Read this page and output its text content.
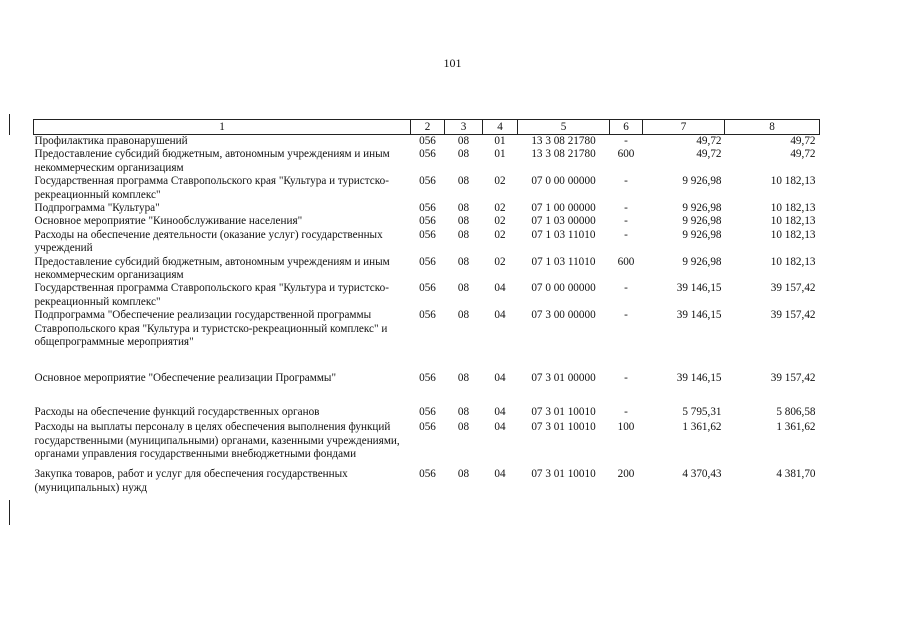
101
1	2	3	4	5	6	7	8
Профилактика правонарушений	056	08	01	13 3 08 21780	-	49,72	49,72
Предоставление субсидий бюджетным, автономным учреждениям и иным некоммерческим организациям	056	08	01	13 3 08 21780	600	49,72	49,72
Государственная программа Ставропольского края "Культура и туристско-рекреационный комплекс"	056	08	02	07 0 00 00000	-	9 926,98	10 182,13
Подпрограмма "Культура"	056	08	02	07 1 00 00000	-	9 926,98	10 182,13
Основное мероприятие "Кинообслуживание населения"	056	08	02	07 1 03 00000	-	9 926,98	10 182,13
Расходы на обеспечение деятельности (оказание услуг) государственных учреждений	056	08	02	07 1 03 11010	-	9 926,98	10 182,13
Предоставление субсидий бюджетным, автономным учреждениям и иным некоммерческим организациям	056	08	02	07 1 03 11010	600	9 926,98	10 182,13
Государственная программа Ставропольского края "Культура и туристско-рекреационный комплекс"	056	08	04	07 0 00 00000	-	39 146,15	39 157,42
Подпрограмма "Обеспечение реализации государственной программы Ставропольского края "Культура и туристско-рекреационный комплекс" и общепрограммные мероприятия"	056	08	04	07 3 00 00000	-	39 146,15	39 157,42
Основное мероприятие "Обеспечение реализации Программы"	056	08	04	07 3 01 00000	-	39 146,15	39 157,42
Расходы на обеспечение функций государственных органов	056	08	04	07 3 01 10010	-	5 795,31	5 806,58
Расходы на выплаты персоналу в целях обеспечения выполнения функций государственными (муниципальными) органами, казенными учреждениями, органами управления государственными внебюджетными фондами	056	08	04	07 3 01 10010	100	1 361,62	1 361,62
Закупка товаров, работ и услуг для обеспечения государственных (муниципальных) нужд	056	08	04	07 3 01 10010	200	4 370,43	4 381,70
